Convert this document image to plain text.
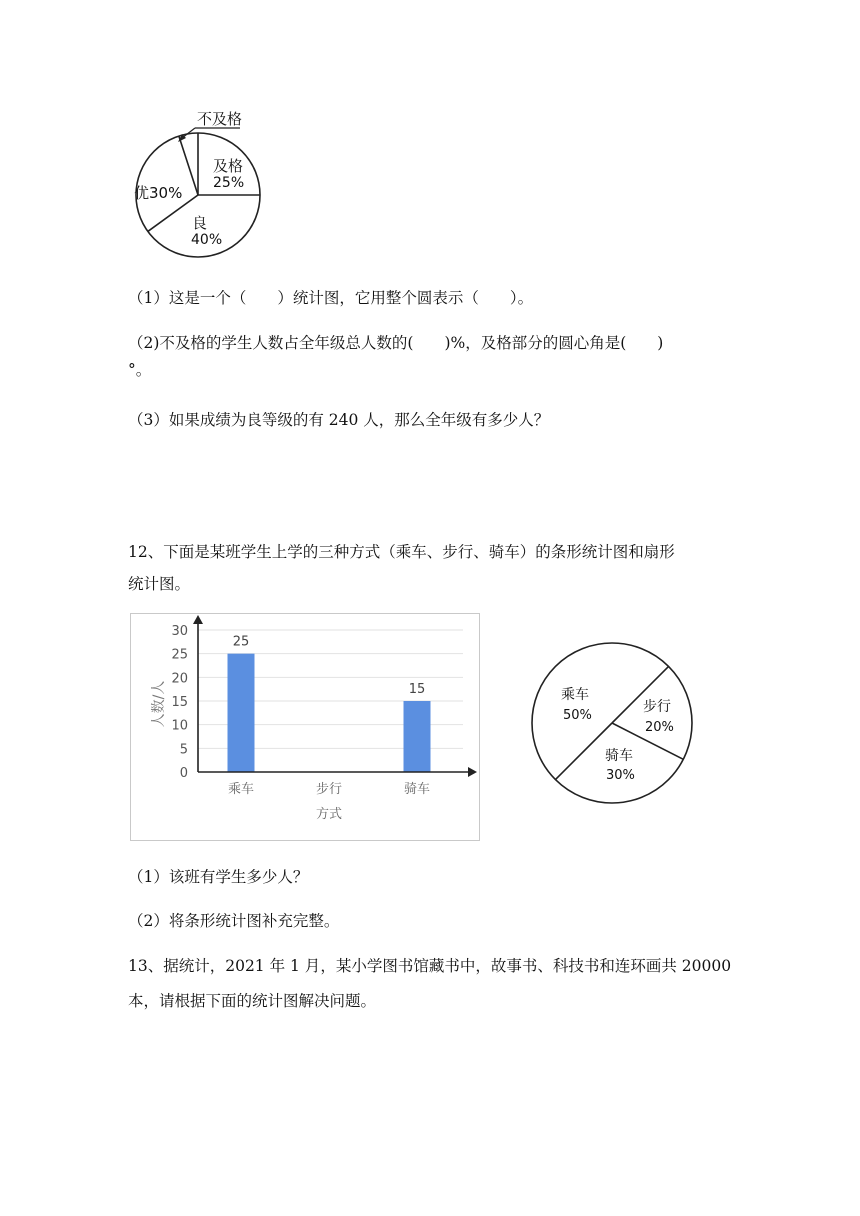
不及格
及格
25%
优30%
良
40%
（1）这是一个（　　）统计图，它用整个圆表示（　　）。
（2)不及格的学生人数占全年级总人数的(　　)%，及格部分的圆心角是(　　)
°。
（3）如果成绩为良等级的有 240 人，那么全年级有多少人？
12、下面是某班学生上学的三种方式（乘车、步行、骑车）的条形统计图和扇形
统计图。
0
5
10
15
20
25
30
25
15
乘车	步行	骑车
人数/人
方式
乘车
50%
步行
20%
骑车
30%
（1）该班有学生多少人？
（2）将条形统计图补充完整。
13、据统计，2021 年 1 月，某小学图书馆藏书中，故事书、科技书和连环画共 20000
本，请根据下面的统计图解决问题。
